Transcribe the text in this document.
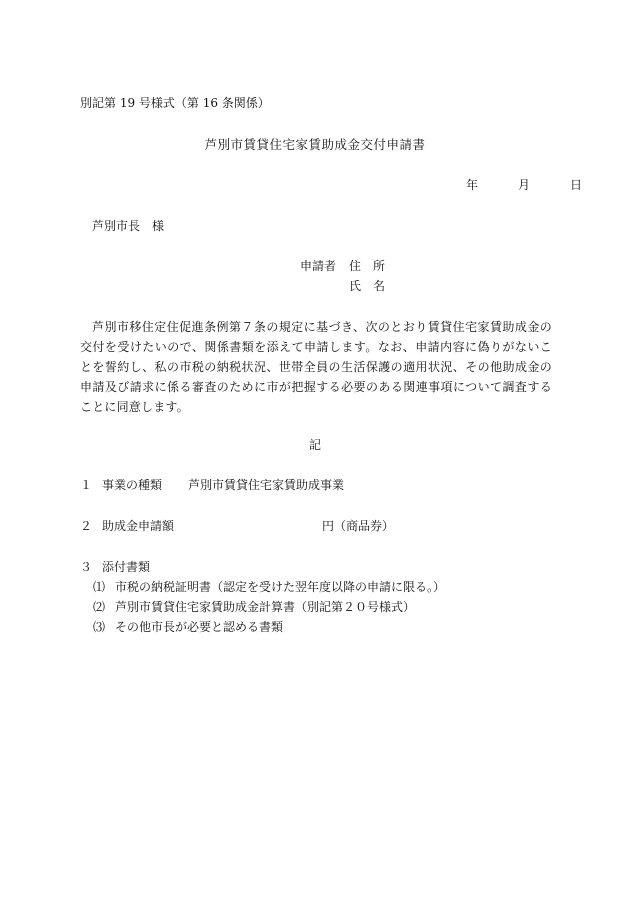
別記第 19 号様式（第 16 条関係）
芦別市賃貸住宅家賃助成金交付申請書
年	月	日
芦別市長　様
申請者 住　所
氏　名
芦別市移住定住促進条例第７条の規定に基づき、次のとおり賃貸住宅家賃助成金の交付を受けたいので、関係書類を添えて申請します。なお、申請内容に偽りがないことを誓約し、私の市税の納税状況、世帯全員の生活保護の適用状況、その他助成金の申請及び請求に係る審査のために市が把握する必要のある関連事項について調査することに同意します。
記
１ 事業の種類 芦別市賃貸住宅家賃助成事業
２ 助成金申請額	円（商品券）
３ 添付書類
⑴ 市税の納税証明書（認定を受けた翌年度以降の申請に限る。）
⑵ 芦別市賃貸住宅家賃助成金計算書（別記第２０号様式）
⑶ その他市長が必要と認める書類
